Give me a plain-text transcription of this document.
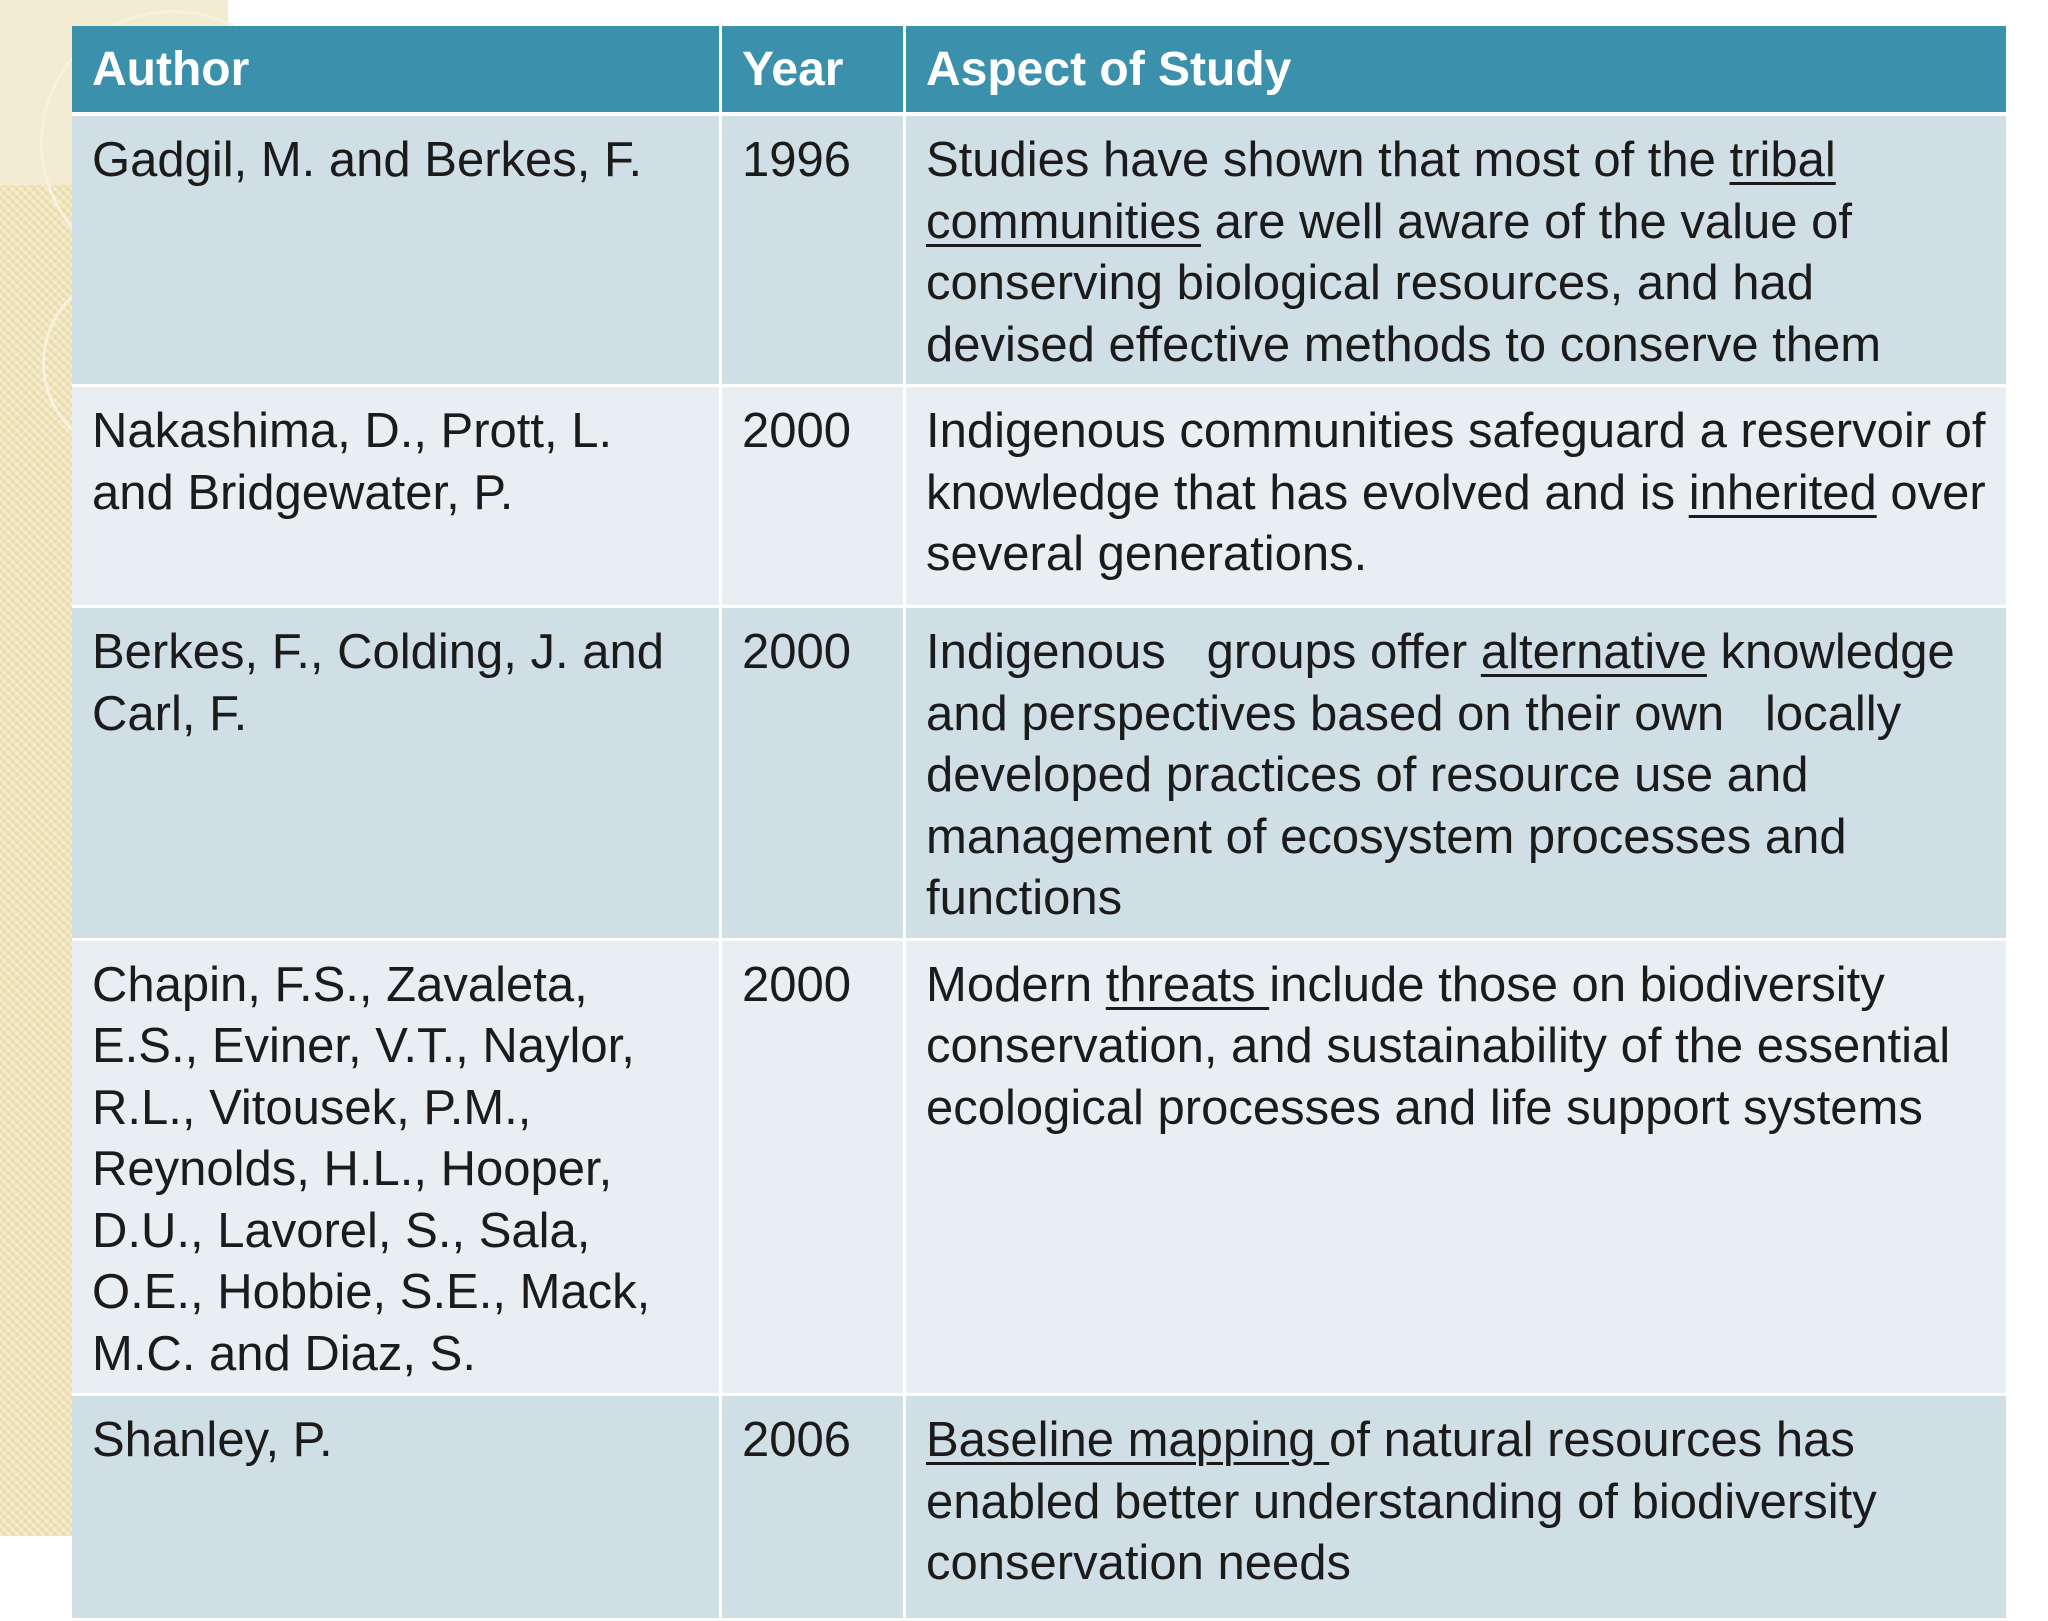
Author	Year	Aspect of Study
Gadgil, M. and Berkes, F.	1996	Studies have shown that most of the tribal communities are well aware of the value of conserving biological resources, and had devised effective methods to conserve them
Nakashima, D., Prott, L. and Bridgewater, P.	2000	Indigenous communities safeguard a reservoir of knowledge that has evolved and is inherited over several generations.
Berkes, F., Colding, J. and Carl, F.	2000	Indigenous   groups offer alternative knowledge and perspectives based on their own   locally developed practices of resource use and management of ecosystem processes and functions
Chapin, F.S., Zavaleta, E.S., Eviner, V.T., Naylor, R.L., Vitousek, P.M., Reynolds, H.L., Hooper, D.U., Lavorel, S., Sala, O.E., Hobbie, S.E., Mack, M.C. and Diaz, S.	2000	Modern threats include those on biodiversity conservation, and sustainability of the essential ecological processes and life support systems
Shanley, P.	2006	Baseline mapping of natural resources has enabled better understanding of biodiversity conservation needs
